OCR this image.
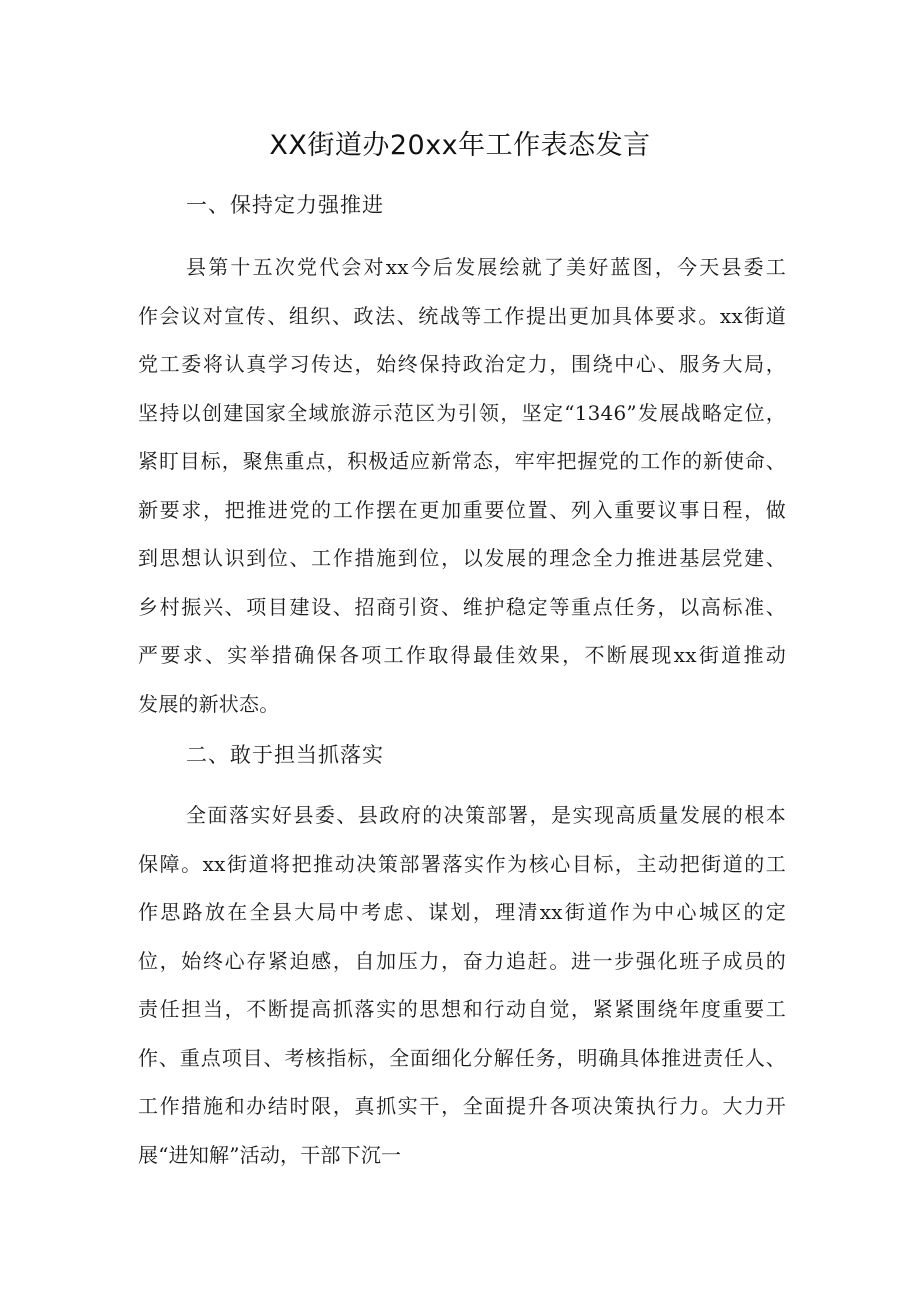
XX街道办20xx年工作表态发言
一、保持定力强推进
县第十五次党代会对xx今后发展绘就了美好蓝图，今天县委工
作会议对宣传、组织、政法、统战等工作提出更加具体要求。xx街道
党工委将认真学习传达，始终保持政治定力，围绕中心、服务大局，
坚持以创建国家全域旅游示范区为引领，坚定“1346”发展战略定位，
紧盯目标，聚焦重点，积极适应新常态，牢牢把握党的工作的新使命、
新要求，把推进党的工作摆在更加重要位置、列入重要议事日程，做
到思想认识到位、工作措施到位，以发展的理念全力推进基层党建、
乡村振兴、项目建设、招商引资、维护稳定等重点任务，以高标准、
严要求、实举措确保各项工作取得最佳效果，不断展现xx街道推动
发展的新状态。
二、敢于担当抓落实
全面落实好县委、县政府的决策部署，是实现高质量发展的根本
保障。xx街道将把推动决策部署落实作为核心目标，主动把街道的工
作思路放在全县大局中考虑、谋划，理清xx街道作为中心城区的定
位，始终心存紧迫感，自加压力，奋力追赶。进一步强化班子成员的
责任担当，不断提高抓落实的思想和行动自觉，紧紧围绕年度重要工
作、重点项目、考核指标，全面细化分解任务，明确具体推进责任人、
工作措施和办结时限，真抓实干，全面提升各项决策执行力。大力开
展“进知解”活动，干部下沉一
